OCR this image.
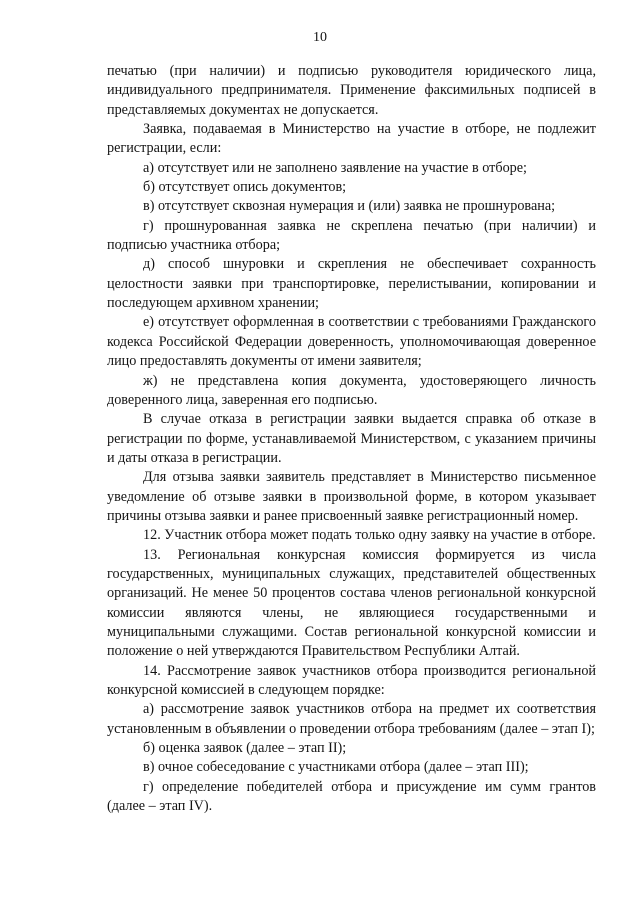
10

печатью (при наличии) и подписью руководителя юридического лица, индивидуального предпринимателя. Применение факсимильных подписей в представляемых документах не допускается.

Заявка, подаваемая в Министерство на участие в отборе, не подлежит регистрации, если:

а) отсутствует или не заполнено заявление на участие в отборе;

б) отсутствует опись документов;

в) отсутствует сквозная нумерация и (или) заявка не прошнурована;

г) прошнурованная заявка не скреплена печатью (при наличии) и подписью участника отбора;

д) способ шнуровки и скрепления не обеспечивает сохранность целостности заявки при транспортировке, перелистывании, копировании и последующем архивном хранении;

е) отсутствует оформленная в соответствии с требованиями Гражданского кодекса Российской Федерации доверенность, уполномочивающая доверенное лицо предоставлять документы от имени заявителя;

ж) не представлена копия документа, удостоверяющего личность доверенного лица, заверенная его подписью.

В случае отказа в регистрации заявки выдается справка об отказе в регистрации по форме, устанавливаемой Министерством, с указанием причины и даты отказа в регистрации.

Для отзыва заявки заявитель представляет в Министерство письменное уведомление об отзыве заявки в произвольной форме, в котором указывает причины отзыва заявки и ранее присвоенный заявке регистрационный номер.

12. Участник отбора может подать только одну заявку на участие в отборе.

13. Региональная конкурсная комиссия формируется из числа государственных, муниципальных служащих, представителей общественных организаций. Не менее 50 процентов состава членов региональной конкурсной комиссии являются члены, не являющиеся государственными и муниципальными служащими. Состав региональной конкурсной комиссии и положение о ней утверждаются Правительством Республики Алтай.

14. Рассмотрение заявок участников отбора производится региональной конкурсной комиссией в следующем порядке:

а) рассмотрение заявок участников отбора на предмет их соответствия установленным в объявлении о проведении отбора требованиям (далее – этап I);

б) оценка заявок (далее – этап II);

в) очное собеседование с участниками отбора (далее – этап III);

г) определение победителей отбора и присуждение им сумм грантов (далее – этап IV).
